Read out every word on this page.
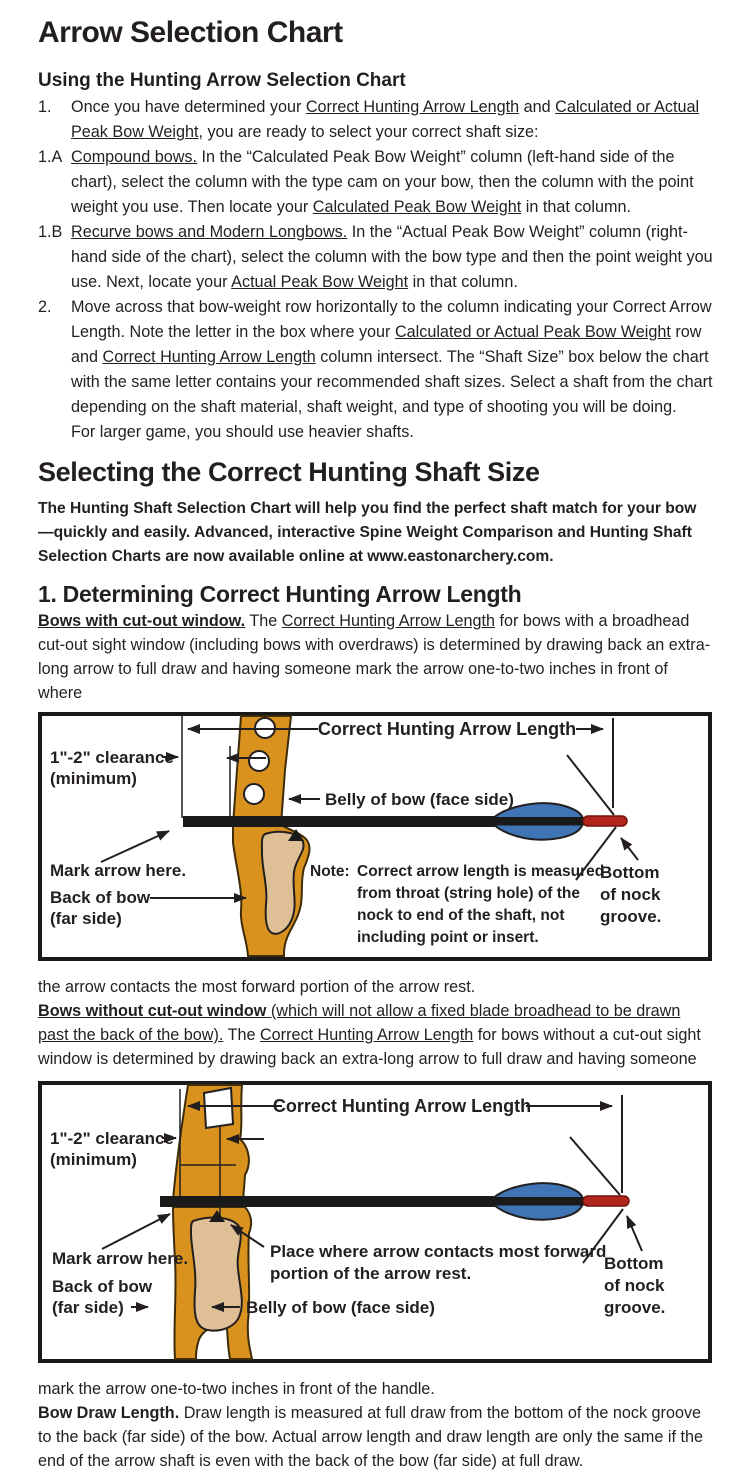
Arrow Selection Chart
Using the Hunting Arrow Selection Chart
1. Once you have determined your Correct Hunting Arrow Length and Calculated or Actual Peak Bow Weight, you are ready to select your correct shaft size:
1.A Compound bows. In the “Calculated Peak Bow Weight” column (left-hand side of the chart), select the column with the type cam on your bow, then the column with the point weight you use. Then locate your Calculated Peak Bow Weight in that column.
1.B Recurve bows and Modern Longbows. In the “Actual Peak Bow Weight” column (right-hand side of the chart), select the column with the bow type and then the point weight you use. Next, locate your Actual Peak Bow Weight in that column.
2. Move across that bow-weight row horizontally to the column indicating your Correct Arrow Length. Note the letter in the box where your Calculated or Actual Peak Bow Weight row and Correct Hunting Arrow Length column intersect. The “Shaft Size” box below the chart with the same letter contains your recommended shaft sizes. Select a shaft from the chart depending on the shaft material, shaft weight, and type of shooting you will be doing.
For larger game, you should use heavier shafts.
Selecting the Correct Hunting Shaft Size

The Hunting Shaft Selection Chart will help you find the perfect shaft match for your bow—quickly and easily. Advanced, interactive Spine Weight Comparison and Hunting Shaft Selection Charts are now available online at www.eastonarchery.com.

1. Determining Correct Hunting Arrow Length

Bows with cut-out window. The Correct Hunting Arrow Length for bows with a broadhead cut-out sight window (including bows with overdraws) is determined by drawing back an extra-long arrow to full draw and having someone mark the arrow one-to-two inches in front of where

Correct Hunting Arrow Length
1"-2" clearance
(minimum)
Belly of bow (face side)
Mark arrow here.
Back of bow
(far side)
Note: Correct arrow length is measured
from throat (string hole) of the
nock to end of the shaft, not
including point or insert.
Bottom
of nock
groove.

the arrow contacts the most forward portion of the arrow rest.

Bows without cut-out window (which will not allow a fixed blade broadhead to be drawn past the back of the bow). The Correct Hunting Arrow Length for bows without a cut-out sight window is determined by drawing back an extra-long arrow to full draw and having someone

Correct Hunting Arrow Length
1"-2" clearance
(minimum)
Mark arrow here.
Back of bow
(far side)
Place where arrow contacts most forward
portion of the arrow rest.
Belly of bow (face side)
Bottom
of nock
groove.

mark the arrow one-to-two inches in front of the handle.

Bow Draw Length. Draw length is measured at full draw from the bottom of the nock groove to the back (far side) of the bow. Actual arrow length and draw length are only the same if the end of the arrow shaft is even with the back of the bow (far side) at full draw.
